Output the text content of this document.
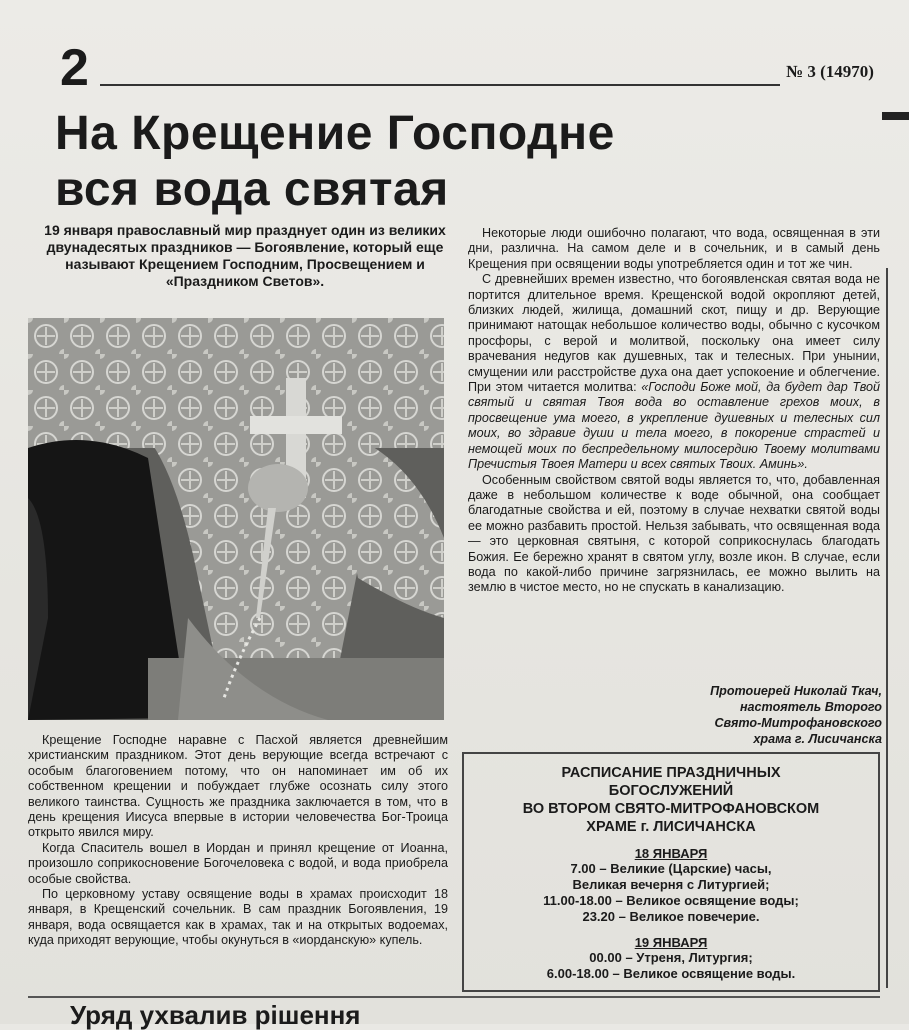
2	№ 3 (14970)
На Крещение Господне
вся вода святая
19 января православный мир празднует один из великих двунадесятых праздников — Богоявление, который еще называют Крещением Господним, Просвещением и «Праздником Светов».

Крещение Господне наравне с Пасхой является древнейшим христианским праздником. Этот день верующие всегда встречают с особым благоговением потому, что он напоминает им об их собственном крещении и побуждает глубже осознать силу этого великого таинства. Сущность же праздника заключается в том, что в день крещения Иисуса впервые в истории человечества Бог-Троица открыто явился миру.

Когда Спаситель вошел в Иордан и принял крещение от Иоанна, произошло соприкосновение Богочеловека с водой, и вода приобрела особые свойства.

По церковному уставу освящение воды в храмах происходит 18 января, в Крещенский сочельник. В сам праздник Богоявления, 19 января, вода освящается как в храмах, так и на открытых водоемах, куда приходят верующие, чтобы окунуться в «иорданскую» купель.

Некоторые люди ошибочно полагают, что вода, освященная в эти дни, различна. На самом деле и в сочельник, и в самый день Крещения при освящении воды употребляется один и тот же чин.

С древнейших времен известно, что богоявленская святая вода не портится длительное время. Крещенской водой окропляют детей, близких людей, жилища, домашний скот, пищу и др. Верующие принимают натощак небольшое количество воды, обычно с кусочком просфоры, с верой и молитвой, поскольку она имеет силу врачевания недугов как душевных, так и телесных. При унынии, смущении или расстройстве духа она дает успокоение и облегчение. При этом читается молитва: «Господи Боже мой, да будет дар Твой святый и святая Твоя вода во оставление грехов моих, в просвещение ума моего, в укрепление душевных и телесных сил моих, во здравие души и тела моего, в покорение страстей и немощей моих по беспредельному милосердию Твоему молитвами Пречистыя Твоея Матери и всех святых Твоих. Аминь».

Особенным свойством святой воды является то, что, добавленная даже в небольшом количестве к воде обычной, она сообщает благодатные свойства и ей, поэтому в случае нехватки святой воды ее можно разбавить простой. Нельзя забывать, что освященная вода — это церковная святыня, с которой соприкоснулась благодать Божия. Ее бережно хранят в святом углу, возле икон. В случае, если вода по какой-либо причине загрязнилась, ее можно вылить на землю в чистое место, но не спускать в канализацию.

Протоиерей Николай Ткач,
настоятель Второго
Свято-Митрофановского
храма г. Лисичанска
РАСПИСАНИЕ ПРАЗДНИЧНЫХ
БОГОСЛУЖЕНИЙ
ВО ВТОРОМ СВЯТО-МИТРОФАНОВСКОМ
ХРАМЕ г. ЛИСИЧАНСКА
18 ЯНВАРЯ
7.00 – Великие (Царские) часы,
Великая вечерня с Литургией;
11.00-18.00 – Великое освящение воды;
23.20 – Великое повечерие.
19 ЯНВАРЯ
00.00 – Утреня, Литургия;
6.00-18.00 – Великое освящение воды.
Уряд ухвалив рішення
